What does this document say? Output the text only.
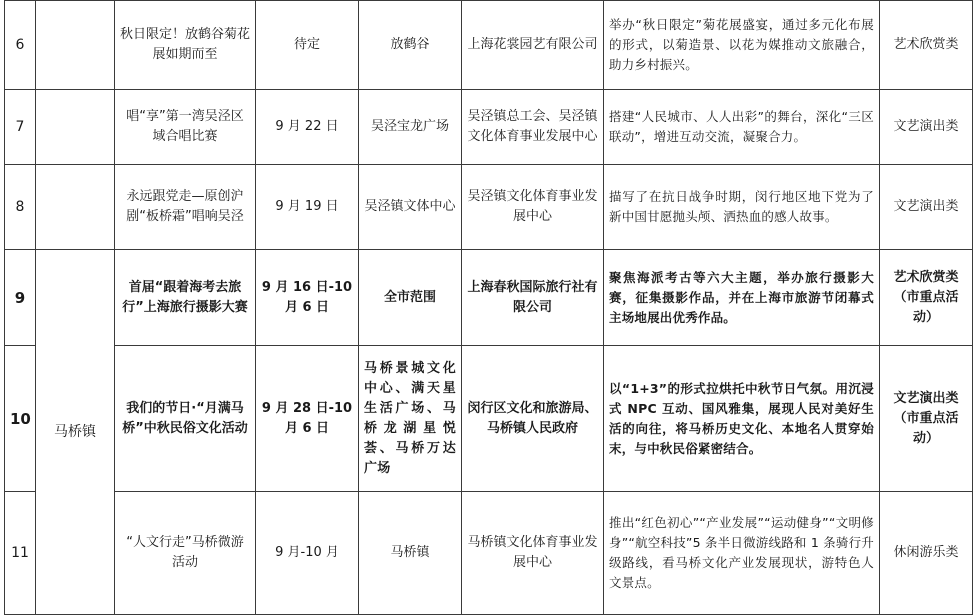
6		秋日限定！放鹤谷菊花展如期而至	待定	放鹤谷	上海花裳园艺有限公司	举办“秋日限定”菊花展盛宴，通过多元化布展的形式，以菊造景、以花为媒推动文旅融合，助力乡村振兴。	艺术欣赏类
7		唱“享”第一湾吴泾区域合唱比赛	9 月 22 日	吴泾宝龙广场	吴泾镇总工会、吴泾镇文化体育事业发展中心	搭建“人民城市、人人出彩”的舞台，深化“三区联动”，增进互动交流，凝聚合力。	文艺演出类
8		永远跟党走—原创沪剧“板桥霜”唱响吴泾	9 月 19 日	吴泾镇文体中心	吴泾镇文化体育事业发展中心	描写了在抗日战争时期，闵行地区地下党为了新中国甘愿抛头颅、洒热血的感人故事。	文艺演出类
9	马桥镇	首届“跟着海考去旅行”上海旅行摄影大赛	9 月 16 日-10 月 6 日	全市范围	上海春秋国际旅行社有限公司	聚焦海派考古等六大主题，举办旅行摄影大赛，征集摄影作品，并在上海市旅游节闭幕式主场地展出优秀作品。	艺术欣赏类（市重点活动）
10		我们的节日·“月满马桥”中秋民俗文化活动	9 月 28 日-10 月 6 日	马桥景城文化中心、满天星生活广场、马桥龙湖星悦荟、马桥万达广场	闵行区文化和旅游局、马桥镇人民政府	以“1+3”的形式拉烘托中秋节日气氛。用沉浸式 NPC 互动、国风雅集，展现人民对美好生活的向往，将马桥历史文化、本地名人贯穿始末，与中秋民俗紧密结合。	文艺演出类（市重点活动）
11		“人文行走”马桥微游活动	9 月-10 月	马桥镇	马桥镇文化体育事业发展中心	推出“红色初心”“产业发展”“运动健身”“文明修身”“航空科技”5 条半日微游线路和 1 条骑行升级路线，看马桥文化产业发展现状，游特色人文景点。	休闲游乐类
